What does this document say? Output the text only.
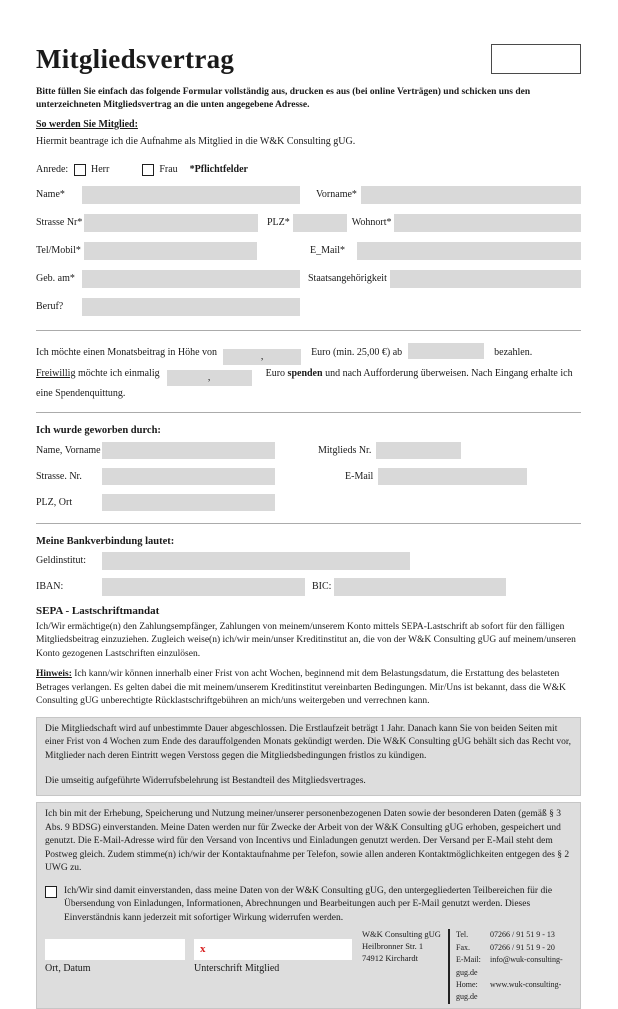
Mitgliedsvertrag

Bitte füllen Sie einfach das folgende Formular vollständig aus, drucken es aus (bei online Verträgen) und schicken uns den unterzeichneten Mitgliedsvertrag an die unten angegebene Adresse.

So werden Sie Mitglied:

Hiermit beantrage ich die Aufnahme als Mitglied in die W&K Consulting gUG.

Anrede:	Herr	Frau *Pflichtfelder
Name*	Vorname*
Strasse Nr*	PLZ*	Wohnort*
Tel/Mobil*	E_Mail*
Geb. am*	Staatsangehörigkeit
Beruf?

Ich möchte einen Monatsbeitrag in Höhe von	,	Euro (min. 25,00 €) ab	bezahlen.

Freiwillig möchte ich einmalig	,	Euro spenden und nach Aufforderung überweisen. Nach Eingang erhalte ich eine Spendenquittung.

Ich wurde geworben durch:

Name, Vorname	Mitglieds Nr.
Strasse. Nr.	E-Mail
PLZ, Ort

Meine Bankverbindung lautet:

Geldinstitut:
IBAN:	BIC:

SEPA - Lastschriftmandat

Ich/Wir ermächtige(n) den Zahlungsempfänger, Zahlungen von meinem/unserem Konto mittels SEPA-Lastschrift ab sofort für den fälligen Mitgliedsbeitrag einzuziehen. Zugleich weise(n) ich/wir mein/unser Kreditinstitut an, die von der W&K Consulting gUG auf meinem/unseren Konto gezogenen Lastschriften einzulösen.

Hinweis: Ich kann/wir können innerhalb einer Frist von acht Wochen, beginnend mit dem Belastungsdatum, die Erstattung des belasteten Betrages verlangen. Es gelten dabei die mit meinem/unserem Kreditinstitut vereinbarten Bedingungen. Mir/Uns ist bekannt, dass die W&K Consulting gUG unberechtigte Rücklastschriftgebühren an mich/uns weitergeben und verrechnen kann.

Die Mitgliedschaft wird auf unbestimmte Dauer abgeschlossen. Die Erstlaufzeit beträgt 1 Jahr. Danach kann Sie von beiden Seiten mit einer Frist von 4 Wochen zum Ende des darauffolgenden Monats gekündigt werden. Die W&K Consulting gUG behält sich das Recht vor, Mitglieder nach deren Eintritt wegen Verstoss gegen die Mitgliedsbedingungen fristlos zu kündigen.

Die umseitig aufgeführte Widerrufsbelehrung ist Bestandteil des Mitgliedsvertrages.

Ich bin mit der Erhebung, Speicherung und Nutzung meiner/unserer personenbezogenen Daten sowie der besonderen Daten (gemäß § 3 Abs. 9 BDSG) einverstanden. Meine Daten werden nur für Zwecke der Arbeit von der W&K Consulting gUG erhoben, gespeichert und genutzt. Die E-Mail-Adresse wird für den Versand von Incentivs und Einladungen genutzt werden. Der Versand per E-Mail steht dem Postweg gleich. Zudem stimme(n) ich/wir der Kontaktaufnahme per Telefon, sowie allen anderen Kontaktmöglichkeiten entgegen des § 2 UWG zu.

Ich/Wir sind damit einverstanden, dass meine Daten von der W&K Consulting gUG, den untergegliederten Teilbereichen für die Übersendung von Einladungen, Informationen, Abrechnungen und Bearbeitungen auch per E-Mail genutzt werden. Dieses Einverständnis kann jederzeit mit sofortiger Wirkung widerrufen werden.
Ort, Datum
x
Unterschrift Mitglied
W&K Consulting gUG
Heilbronner Str. 1
74912 Kirchardt
Tel.	07266 / 91 51 9 - 13
Fax.	07266 / 91 51 9 - 20
E-Mail: info@wuk-consulting-gug.de
Home: www.wuk-consulting-gug.de
